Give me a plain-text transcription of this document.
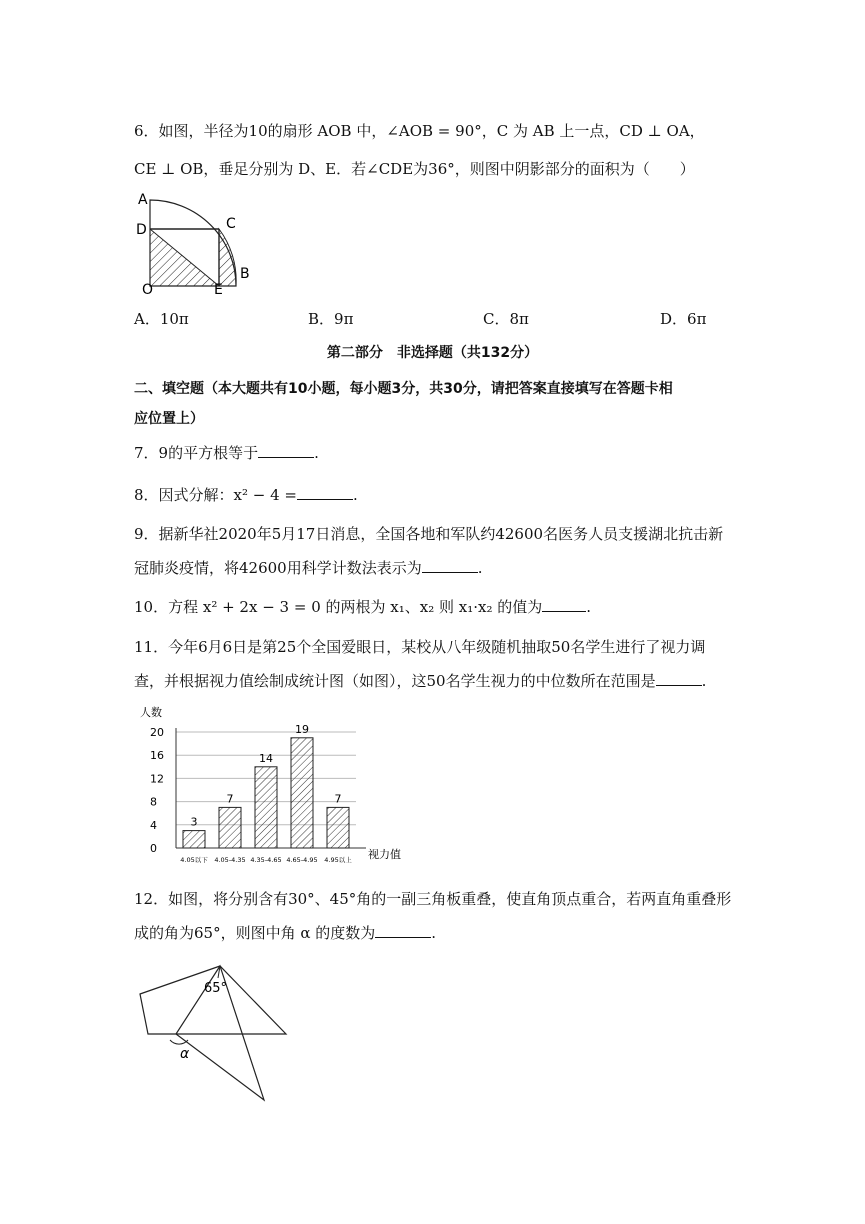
6．如图，半径为10的扇形 AOB 中，∠AOB = 90°，C 为 AB 上一点，CD ⊥ OA，
CE ⊥ OB，垂足分别为 D、E．若∠CDE为36°，则图中阴影部分的面积为（　　）
A
D	C
O	E
B
A．10π	B．9π	C．8π	D．6π
第二部分　非选择题（共132分）
二、填空题（本大题共有10小题，每小题3分，共30分，请把答案直接填写在答题卡相
应位置上）
7．9的平方根等于	.
8．因式分解：x² − 4 =	.
9．据新华社2020年5月17日消息，全国各地和军队约42600名医务人员支援湖北抗击新
冠肺炎疫情，将42600用科学计数法表示为	.
10．方程 x² + 2x − 3 = 0 的两根为 x₁、x₂ 则 x₁·x₂ 的值为	.
11．今年6月6日是第25个全国爱眼日，某校从八年级随机抽取50名学生进行了视力调
查，并根据视力值绘制成统计图（如图），这50名学生视力的中位数所在范围是	.
人数
0
4
8
12
16
20
3
4.05以下
7
4.05-4.35
14
4.35-4.65
19
4.65-4.95
7
4.95以上 视力值
12．如图，将分别含有30°、45°角的一副三角板重叠，使直角顶点重合，若两直角重叠形
成的角为65°，则图中角 α 的度数为	.
65°
α
